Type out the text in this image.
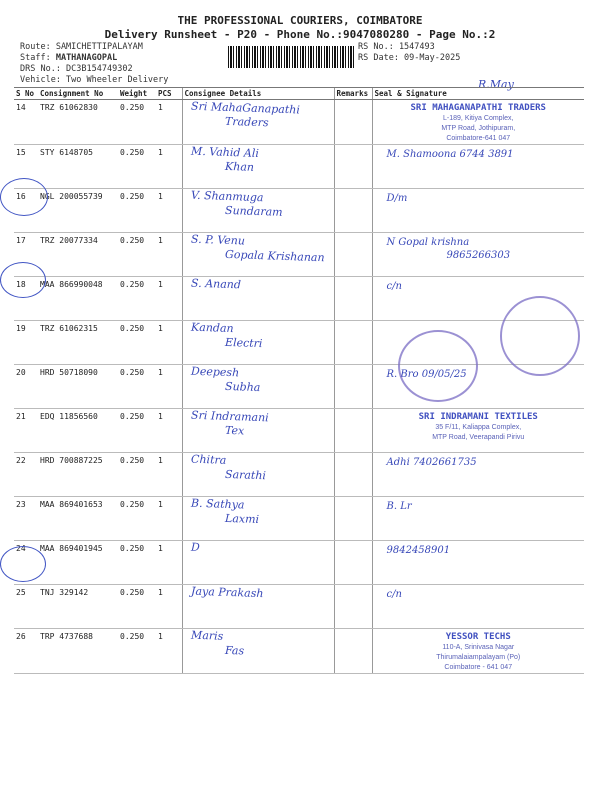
THE PROFESSIONAL COURIERS, COIMBATORE
Delivery Runsheet - P20 - Phone No.:9047080280 - Page No.:2
Route: SAMICHETTIPALAYAM
Staff: MATHANAGOPAL
DRS No.: DC3B154749302
Vehicle: Two Wheeler Delivery
RS No.: 1547493
RS Date: 09-May-2025
R.May
S No	Consignment No	Weight	PCS	Consignee Details	Remarks	Seal & Signature
14	TRZ 61062830	0.250	1	Sri MahaGanapathi
Traders		SRI MAHAGANAPATHI TRADERS
L-189, Kitiya Complex,
MTP Road, Jothipuram,
Coimbatore-641 047

15	STY 6148705	0.250	1	M. Vahid Ali
Khan		M. Shamoona 6744 3891

16	NGL 200055739	0.250	1	V. Shanmuga
Sundaram		D/m

17	TRZ 20077334	0.250	1	S. P. Venu
Gopala Krishanan		N Gopal krishna
9865266303

18	MAA 866990048	0.250	1	S. Anand		c/n

19	TRZ 61062315	0.250	1	Kandan
Electri		

20	HRD 50718090	0.250	1	Deepesh
Subha		R. Bro 09/05/25

21	EDQ 11856560	0.250	1	Sri Indramani
Tex		SRI INDRAMANI TEXTILES
35 F/11, Kaliappa Complex,
MTP Road, Veerapandi Pirivu

22	HRD 700887225	0.250	1	Chitra
Sarathi		Adhi 7402661735

23	MAA 869401653	0.250	1	B. Sathya
Laxmi		B. Lr

24	MAA 869401945	0.250	1	D		9842458901

25	TNJ 329142	0.250	1	Jaya Prakash		c/n

26	TRP 4737688	0.250	1	Maris
Fas		YESSOR TECHS
110-A, Srinivasa Nagar
Thirumalaiampalayam (Po)
Coimbatore - 641 047
